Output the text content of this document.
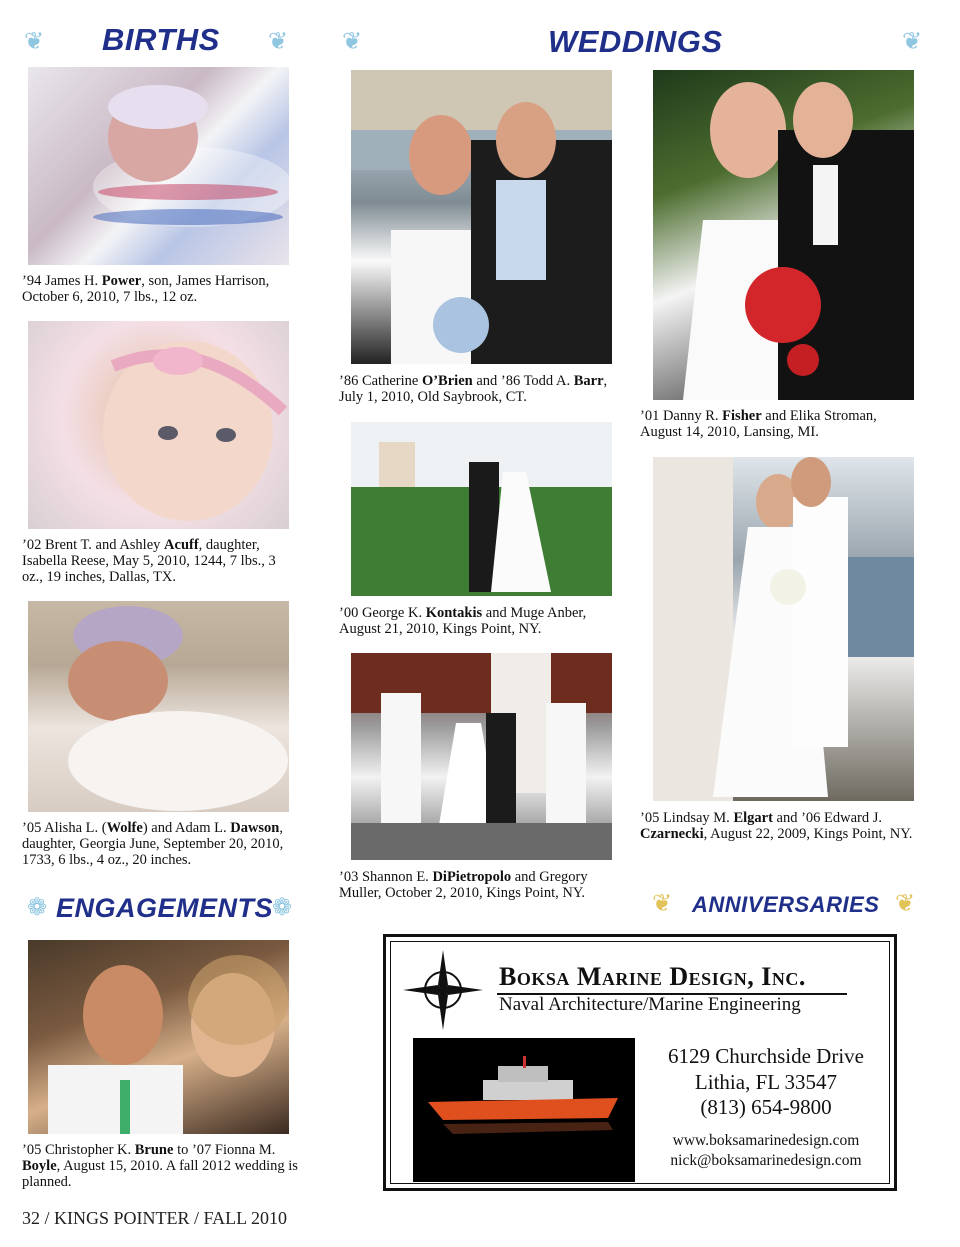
❦ BIRTHS ❦ ❦	WEDDINGS	❦
❁ ENGAGEMENTS
❁	❦ ANNIVERSARIES ❦
’94 James H. Power, son, James Harrison, October 6, 2010, 7 lbs., 12 oz.
’02 Brent T. and Ashley Acuff, daughter, Isabella Reese, May 5, 2010, 1244, 7 lbs., 3 oz., 19 inches, Dallas, TX.
’05 Alisha L. (Wolfe) and Adam L. Dawson, daughter, Georgia June, September 20, 2010, 1733, 6 lbs., 4 oz., 20 inches.
’05 Christopher K. Brune to ’07 Fionna M. Boyle, August 15, 2010. A fall 2012 wedding is planned.
’86 Catherine O’Brien and ’86 Todd A. Barr, July 1, 2010, Old Saybrook, CT.
’00 George K. Kontakis and Muge Anber, August 21, 2010, Kings Point, NY.
’03 Shannon E. DiPietropolo and Gregory Muller, October 2, 2010, Kings Point, NY.
’01 Danny R. Fisher and Elika Stroman, August 14, 2010, Lansing, MI.
’05 Lindsay M. Elgart and ’06 Edward J. Czarnecki, August 22, 2009, Kings Point, NY.
Boksa Marine Design, Inc.
Naval Architecture/Marine Engineering
6129 Churchside Drive
Lithia, FL 33547
(813) 654-9800
www.boksamarinedesign.com
nick@boksamarinedesign.com
32 / KINGS POINTER / FALL 2010
